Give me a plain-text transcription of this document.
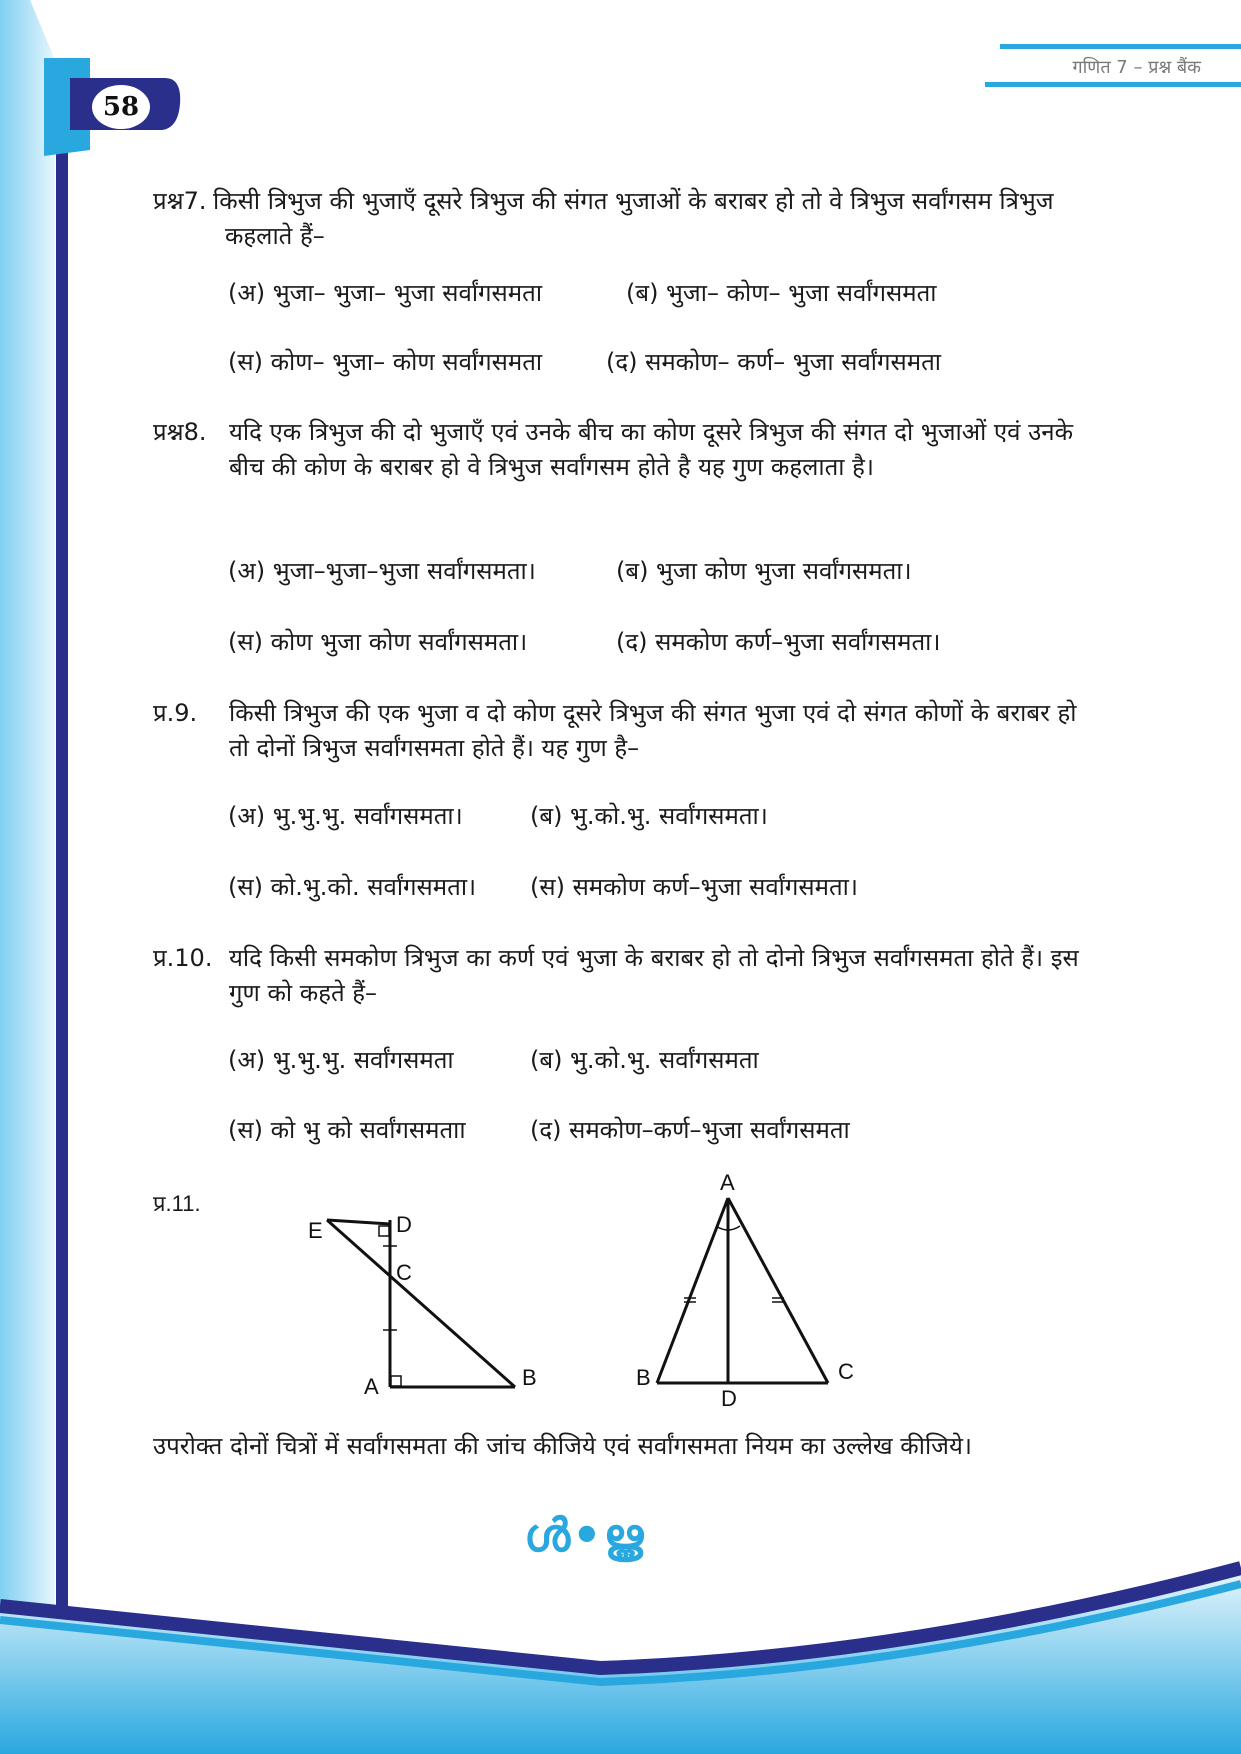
58
गणित 7 – प्रश्न बैंक
प्रश्न7. किसी त्रिभुज की भुजाएँ दूसरे त्रिभुज की संगत भुजाओं के बराबर हो तो वे त्रिभुज सर्वांगसम त्रिभुज कहलाते हैं–
(अ) भुजा– भुजा– भुजा सर्वांगसमता	(ब) भुजा– कोण– भुजा सर्वांगसमता
(स) कोण– भुजा– कोण सर्वांगसमता	(द) समकोण– कर्ण– भुजा सर्वांगसमता
प्रश्न8. यदि एक त्रिभुज की दो भुजाएँ एवं उनके बीच का कोण दूसरे त्रिभुज की संगत दो भुजाओं एवं उनके बीच की कोण के बराबर हो वे त्रिभुज सर्वांगसम होते है यह गुण कहलाता है।
(अ) भुजा–भुजा–भुजा सर्वांगसमता।	(ब) भुजा कोण भुजा सर्वांगसमता।
(स) कोण भुजा कोण सर्वांगसमता।	(द) समकोण कर्ण–भुजा सर्वांगसमता।
प्र.9.	किसी त्रिभुज की एक भुजा व दो कोण दूसरे त्रिभुज की संगत भुजा एवं दो संगत कोणों के बराबर हो तो दोनों त्रिभुज सर्वांगसमता होते हैं। यह गुण है–
(अ) भु.भु.भु. सर्वांगसमता।	(ब) भु.को.भु. सर्वांगसमता।
(स) को.भु.को. सर्वांगसमता। (स) समकोण कर्ण–भुजा सर्वांगसमता।
प्र.10. यदि किसी समकोण त्रिभुज का कर्ण एवं भुजा के बराबर हो तो दोनो त्रिभुज सर्वांगसमता होते हैं। इस गुण को कहते हैं–
(अ) भु.भु.भु. सर्वांगसमता	(ब) भु.को.भु. सर्वांगसमता
(स) को भु को सर्वांगसमताा	(द) समकोण–कर्ण–भुजा सर्वांगसमता
प्र.11.
E	D
C
A	B
A
B	C
D
उपरोक्त दोनों चित्रों में सर्वांगसमता की जांच कीजिये एवं सर्वांगसमता नियम का उल्लेख कीजिये।
ൾ•ൠ
